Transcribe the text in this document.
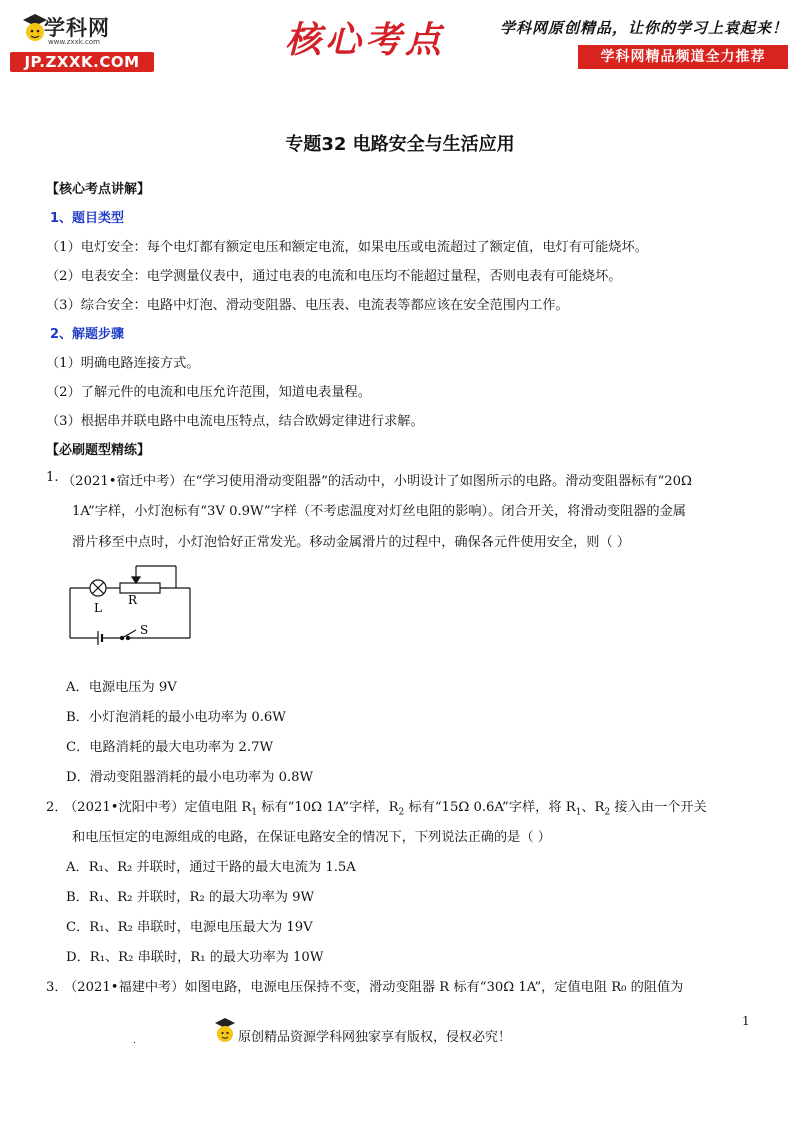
学科网
www.zxxk.com
JP.ZXXK.COM
核心考点	学科网原创精品，让你的学习上袁起来！
学科网精品频道全力推荐
专题32 电路安全与生活应用
【核心考点讲解】
1、题目类型
（1）电灯安全：每个电灯都有额定电压和额定电流，如果电压或电流超过了额定值，电灯有可能烧坏。
（2）电表安全：电学测量仪表中，通过电表的电流和电压均不能超过量程，否则电表有可能烧坏。
（3）综合安全：电路中灯泡、滑动变阻器、电压表、电流表等都应该在安全范围内工作。
2、解题步骤
（1）明确电路连接方式。
（2）了解元件的电流和电压允许范围，知道电表量程。
（3）根据串并联电路中电流电压特点，结合欧姆定律进行求解。
【必刷题型精练】
1. （2021•宿迁中考）在“学习使用滑动变阻器”的活动中，小明设计了如图所示的电路。滑动变阻器标有“20Ω
1A”字样，小灯泡标有“3V 0.9W”字样（不考虑温度对灯丝电阻的影响）。闭合开关，将滑动变阻器的金属
滑片移至中点时，小灯泡恰好正常发光。移动金属滑片的过程中，确保各元件使用安全，则（ ）
L
R
S
A．电源电压为 9V
B．小灯泡消耗的最小电功率为 0.6W
C．电路消耗的最大电功率为 2.7W
D．滑动变阻器消耗的最小电功率为 0.8W
2．
（2021•沈阳中考）定值电阻 $R_1$ 标有“10Ω 1A”字样，$R_2$ 标有“15Ω 0.6A”字样，将 $R_1$、$R_2$ 接入由一个开关
和电压恒定的电源组成的电路，在保证电路安全的情况下，下列说法正确的是（ ）
A．R₁、R₂ 并联时，通过干路的最大电流为 1.5A
B．R₁、R₂ 并联时，R₂ 的最大功率为 9W
C．R₁、R₂ 串联时，电源电压最大为 19V
D．R₁、R₂ 串联时，R₁ 的最大功率为 10W
3．
（2021•福建中考）如图电路，电源电压保持不变，滑动变阻器 R 标有“30Ω 1A”，定值电阻 R₀ 的阻值为
1
原创精品资源学科网独家享有版权，侵权必究！
.
